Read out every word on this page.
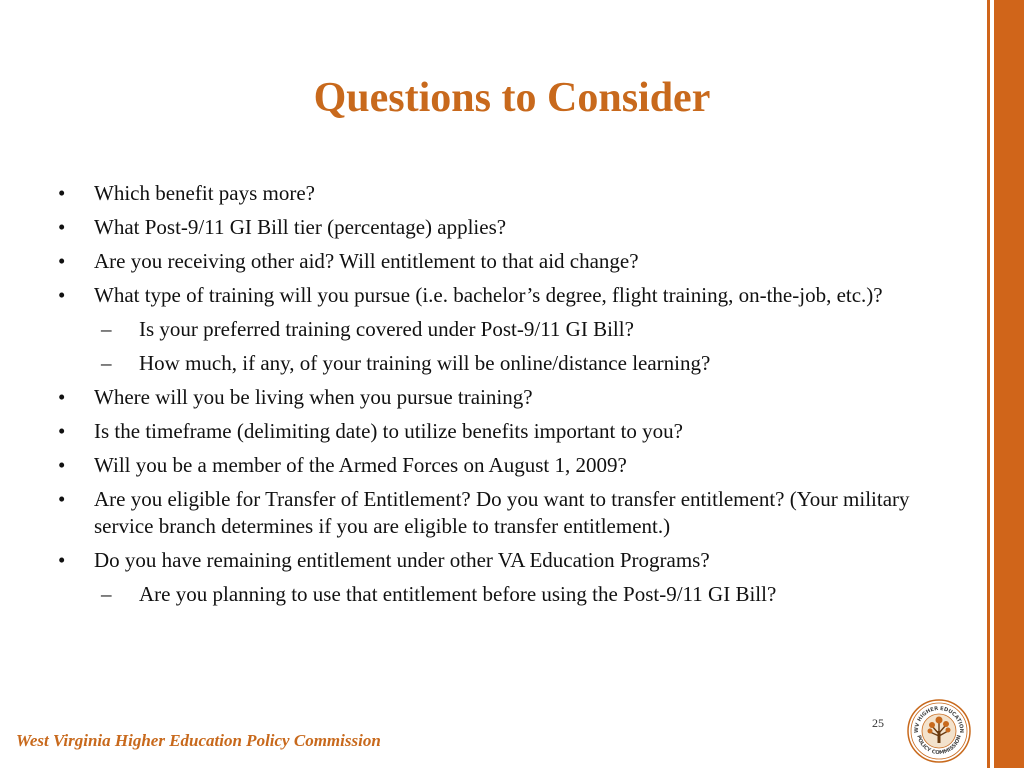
Questions to Consider
• Which benefit pays more?
• What Post-9/11 GI Bill tier (percentage) applies?
• Are you receiving other aid? Will entitlement to that aid change?
• What type of training will you pursue (i.e. bachelor’s degree, flight training, on-the-job, etc.)?
– Is your preferred training covered under Post-9/11 GI Bill?
– How much, if any, of your training will be online/distance learning?
• Where will you be living when you pursue training?
• Is the timeframe (delimiting date) to utilize benefits important to you?
• Will you be a member of the Armed Forces on August 1, 2009?
• Are you eligible for Transfer of Entitlement? Do you want to transfer entitlement? (Your military service branch determines if you are eligible to transfer entitlement.)
• Do you have remaining entitlement under other VA Education Programs?
– Are you planning to use that entitlement before using the Post-9/11 GI Bill?
25
West Virginia Higher Education Policy Commission
WV HIGHER EDUCATION
POLICY COMMISSION
